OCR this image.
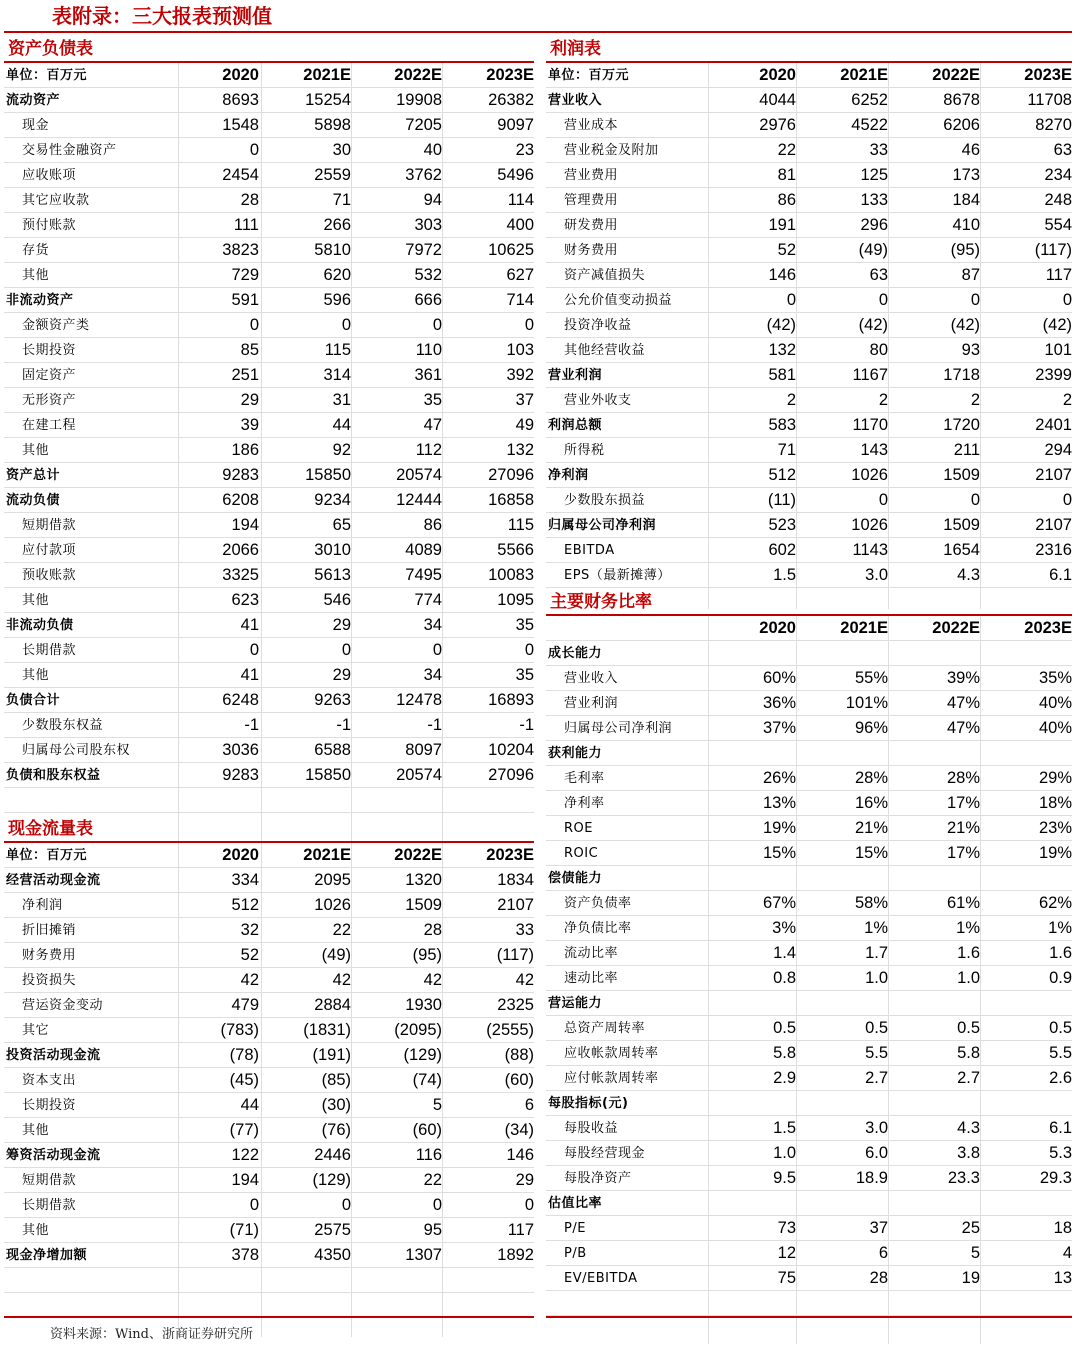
表附录：三大报表预测值
资产负债表
单位：百万元	2020	2021E	2022E	2023E
流动资产	8693	15254	19908	26382
现金	1548	5898	7205	9097
交易性金融资产	0	30	40	23
应收账项	2454	2559	3762	5496
其它应收款	28	71	94	114
预付账款	111	266	303	400
存货	3823	5810	7972	10625
其他	729	620	532	627
非流动资产	591	596	666	714
金额资产类	0	0	0	0
长期投资	85	115	110	103
固定资产	251	314	361	392
无形资产	29	31	35	37
在建工程	39	44	47	49
其他	186	92	112	132
资产总计	9283	15850	20574	27096
流动负债	6208	9234	12444	16858
短期借款	194	65	86	115
应付款项	2066	3010	4089	5566
预收账款	3325	5613	7495	10083
其他	623	546	774	1095
非流动负债	41	29	34	35
长期借款	0	0	0	0
其他	41	29	34	35
负债合计	6248	9263	12478	16893
少数股东权益	-1	-1	-1	-1
归属母公司股东权	3036	6588	8097	10204
负债和股东权益	9283	15850	20574	27096
利润表
单位：百万元	2020	2021E	2022E	2023E
营业收入	4044	6252	8678	11708
营业成本	2976	4522	6206	8270
营业税金及附加	22	33	46	63
营业费用	81	125	173	234
管理费用	86	133	184	248
研发费用	191	296	410	554
财务费用	52	(49)	(95)	(117)
资产减值损失	146	63	87	117
公允价值变动损益	0	0	0	0
投资净收益	(42)	(42)	(42)	(42)
其他经营收益	132	80	93	101
营业利润	581	1167	1718	2399
营业外收支	2	2	2	2
利润总额	583	1170	1720	2401
所得税	71	143	211	294
净利润	512	1026	1509	2107
少数股东损益	(11)	0	0	0
归属母公司净利润	523	1026	1509	2107
EBITDA	602	1143	1654	2316
EPS（最新摊薄）	1.5	3.0	4.3	6.1
主要财务比率
2020	2021E	2022E	2023E
成长能力
营业收入	60%	55%	39%	35%
营业利润	36%	101%	47%	40%
归属母公司净利润	37%	96%	47%	40%
获利能力
毛利率	26%	28%	28%	29%
净利率	13%	16%	17%	18%
ROE	19%	21%	21%	23%
ROIC	15%	15%	17%	19%
偿债能力
资产负债率	67%	58%	61%	62%
净负债比率	3%	1%	1%	1%
流动比率	1.4	1.7	1.6	1.6
速动比率	0.8	1.0	1.0	0.9
营运能力
总资产周转率	0.5	0.5	0.5	0.5
应收帐款周转率	5.8	5.5	5.8	5.5
应付帐款周转率	2.9	2.7	2.7	2.6
每股指标(元)
每股收益	1.5	3.0	4.3	6.1
每股经营现金	1.0	6.0	3.8	5.3
每股净资产	9.5	18.9	23.3	29.3
估值比率
P/E	73	37	25	18
P/B	12	6	5	4
EV/EBITDA	75	28	19	13
现金流量表
单位：百万元	2020	2021E	2022E	2023E
经营活动现金流	334	2095	1320	1834
净利润	512	1026	1509	2107
折旧摊销	32	22	28	33
财务费用	52	(49)	(95)	(117)
投资损失	42	42	42	42
营运资金变动	479	2884	1930	2325
其它	(783)	(1831)	(2095)	(2555)
投资活动现金流	(78)	(191)	(129)	(88)
资本支出	(45)	(85)	(74)	(60)
长期投资	44	(30)	5	6
其他	(77)	(76)	(60)	(34)
筹资活动现金流	122	2446	116	146
短期借款	194	(129)	22	29
长期借款	0	0	0	0
其他	(71)	2575	95	117
现金净增加额	378	4350	1307	1892
资料来源：Wind、浙商证券研究所
